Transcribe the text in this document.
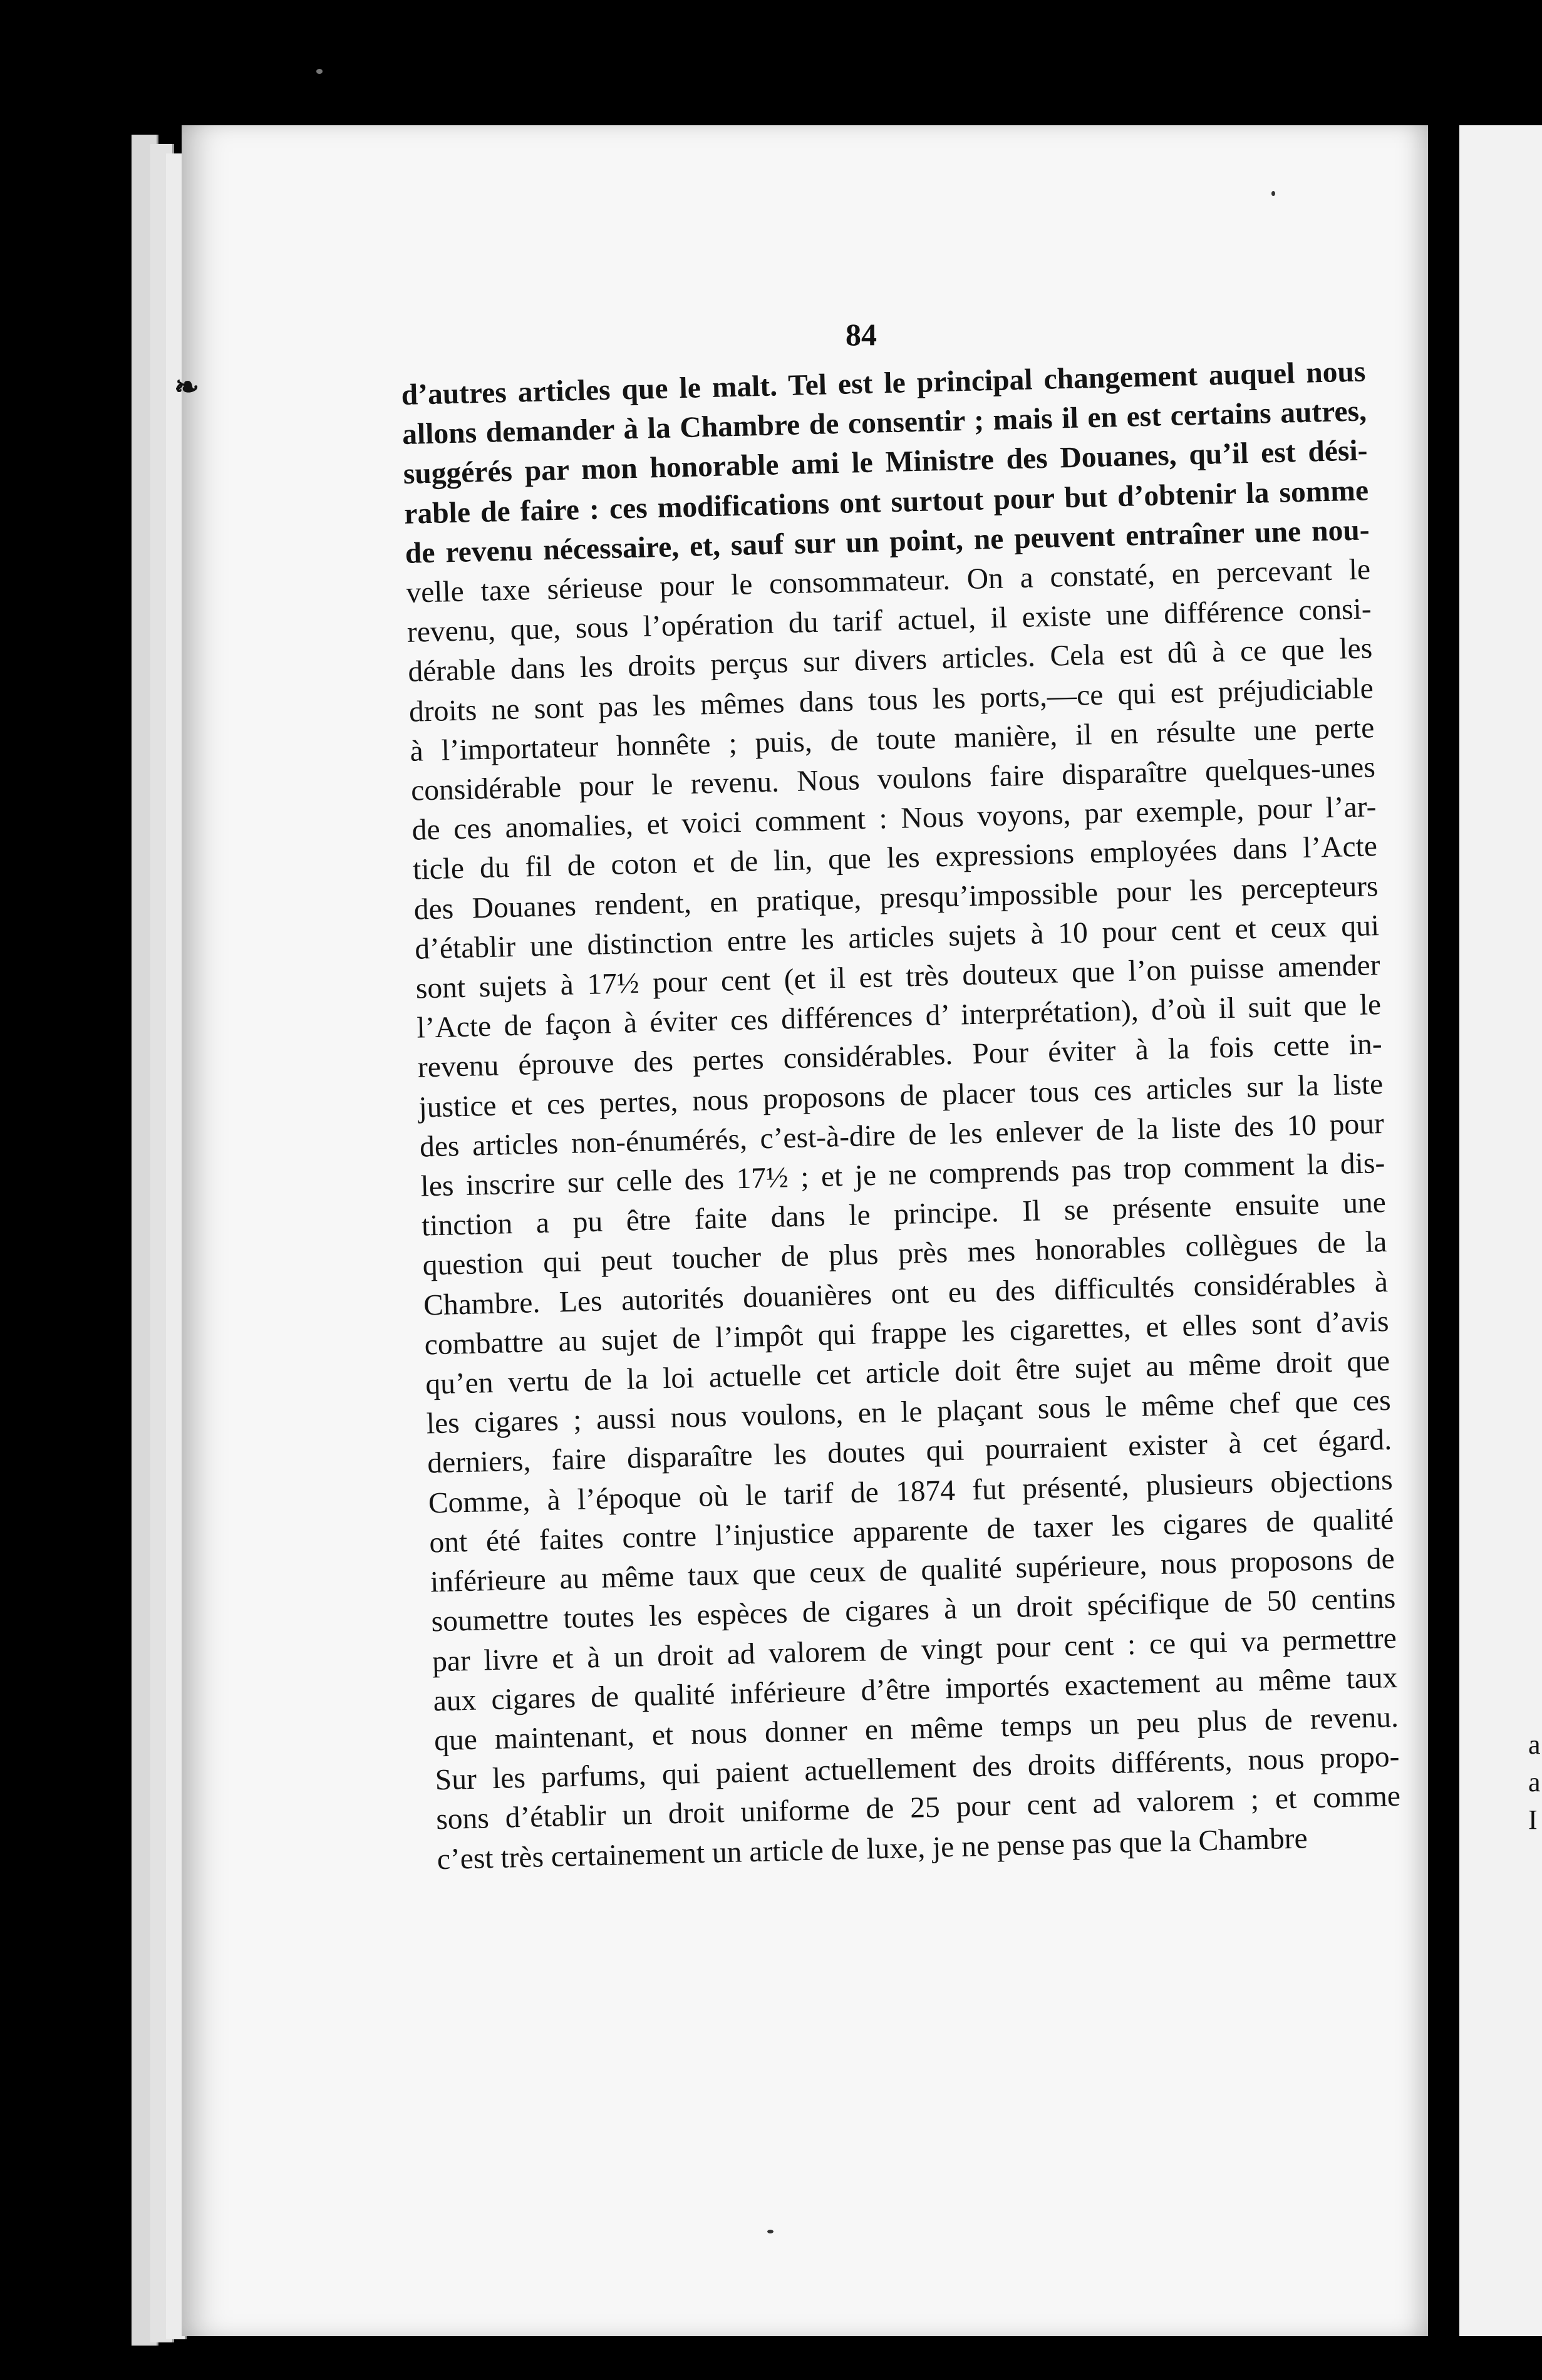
a
a
I
❧
84
d’autres articles que le malt. Tel est le principal changement auquel nous
allons demander à la Chambre de consentir ; mais il en est certains autres,
suggérés par mon honorable ami le Ministre des Douanes, qu’il est dési-
rable de faire : ces modifications ont surtout pour but d’obtenir la somme
de revenu nécessaire, et, sauf sur un point, ne peuvent entraîner une nou-
velle taxe sérieuse pour le consommateur. On a constaté, en percevant le
revenu, que, sous l’opération du tarif actuel, il existe une différence consi-
dérable dans les droits perçus sur divers articles. Cela est dû à ce que les
droits ne sont pas les mêmes dans tous les ports,—ce qui est préjudiciable
à l’importateur honnête ; puis, de toute manière, il en résulte une perte
considérable pour le revenu. Nous voulons faire disparaître quelques-unes
de ces anomalies, et voici comment : Nous voyons, par exemple, pour l’ar-
ticle du fil de coton et de lin, que les expressions employées dans l’Acte
des Douanes rendent, en pratique, presqu’impossible pour les percepteurs
d’établir une distinction entre les articles sujets à 10 pour cent et ceux qui
sont sujets à 17½ pour cent (et il est très douteux que l’on puisse amender
l’Acte de façon à éviter ces différences d’ interprétation), d’où il suit que le
revenu éprouve des pertes considérables. Pour éviter à la fois cette in-
justice et ces pertes, nous proposons de placer tous ces articles sur la liste
des articles non-énumérés, c’est-à-dire de les enlever de la liste des 10 pour
les inscrire sur celle des 17½ ; et je ne comprends pas trop comment la dis-
tinction a pu être faite dans le principe. Il se présente ensuite une
question qui peut toucher de plus près mes honorables collègues de la
Chambre. Les autorités douanières ont eu des difficultés considérables à
combattre au sujet de l’impôt qui frappe les cigarettes, et elles sont d’avis
qu’en vertu de la loi actuelle cet article doit être sujet au même droit que
les cigares ; aussi nous voulons, en le plaçant sous le même chef que ces
derniers, faire disparaître les doutes qui pourraient exister à cet égard.
Comme, à l’époque où le tarif de 1874 fut présenté, plusieurs objections
ont été faites contre l’injustice apparente de taxer les cigares de qualité
inférieure au même taux que ceux de qualité supérieure, nous proposons de
soumettre toutes les espèces de cigares à un droit spécifique de 50 centins
par livre et à un droit ad valorem de vingt pour cent : ce qui va permettre
aux cigares de qualité inférieure d’être importés exactement au même taux
que maintenant, et nous donner en même temps un peu plus de revenu.
Sur les parfums, qui paient actuellement des droits différents, nous propo-
sons d’établir un droit uniforme de 25 pour cent ad valorem ; et comme
c’est très certainement un article de luxe, je ne pense pas que la Chambre
